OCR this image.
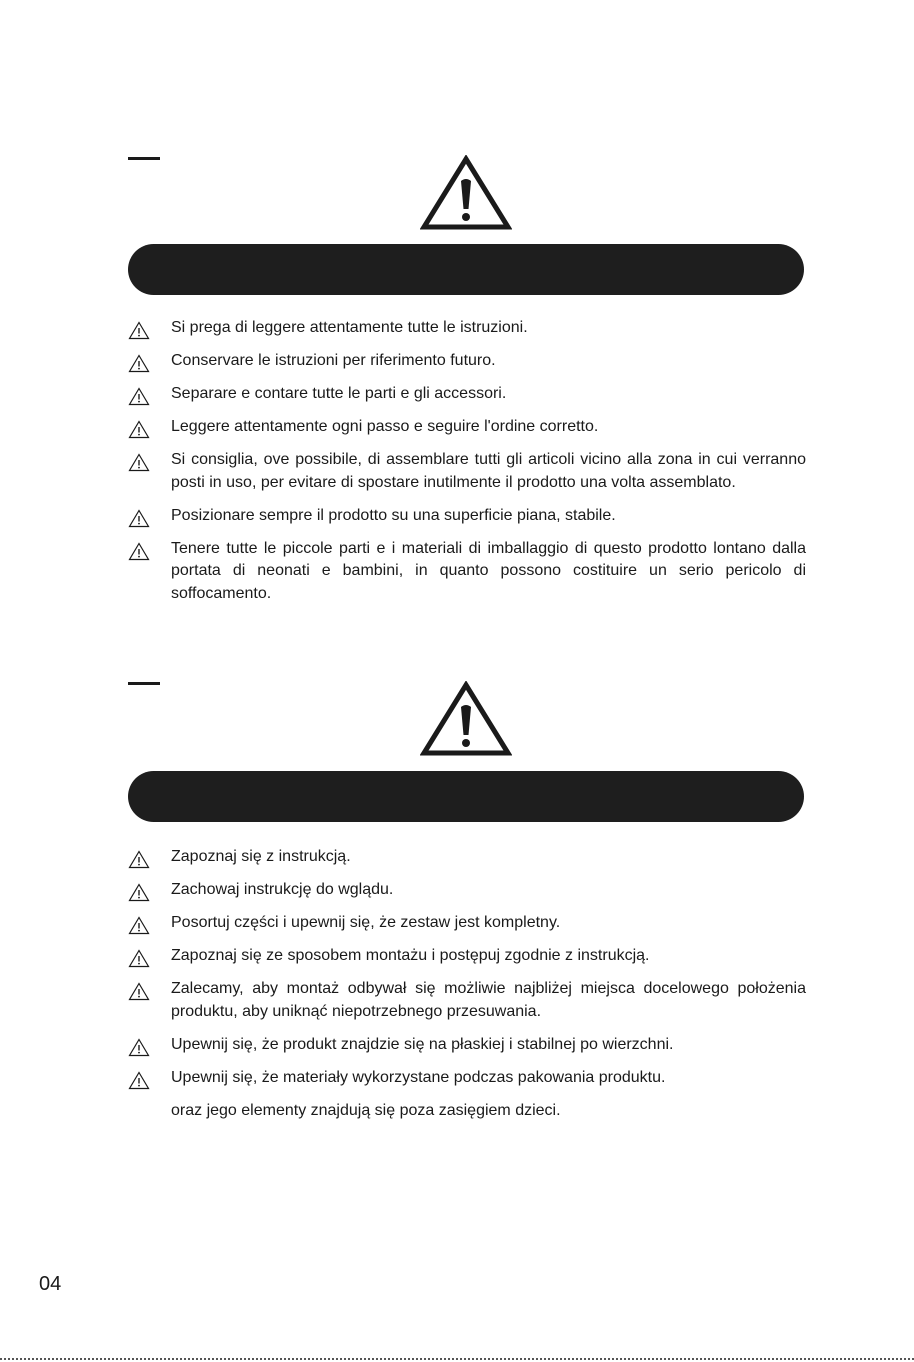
Si prega di leggere attentamente tutte le istruzioni.
Conservare le istruzioni per riferimento futuro.
Separare e contare tutte le parti e gli accessori.
Leggere attentamente ogni passo e seguire l'ordine corretto.
Si consiglia, ove possibile, di assemblare tutti gli articoli vicino alla zona in cui verranno posti in uso, per evitare di spostare inutilmente il prodotto una volta assemblato.
Posizionare sempre il prodotto su una superficie piana, stabile.
Tenere tutte le piccole parti e i materiali di imballaggio di questo prodotto lontano dalla portata di neonati e bambini, in quanto possono costituire un serio pericolo di soffocamento.
Zapoznaj się z instrukcją.
Zachowaj instrukcję do wglądu.
Posortuj części i upewnij się, że zestaw jest kompletny.
Zapoznaj się ze sposobem montażu i postępuj zgodnie z instrukcją.
Zalecamy, aby montaż odbywał się możliwie najbliżej miejsca docelowego położenia produktu, aby uniknąć niepotrzebnego przesuwania.
Upewnij się, że produkt znajdzie się na płaskiej i stabilnej po wierzchni.
Upewnij się, że materiały wykorzystane podczas pakowania produktu.
oraz jego elementy znajdują się poza zasięgiem dzieci.
04
